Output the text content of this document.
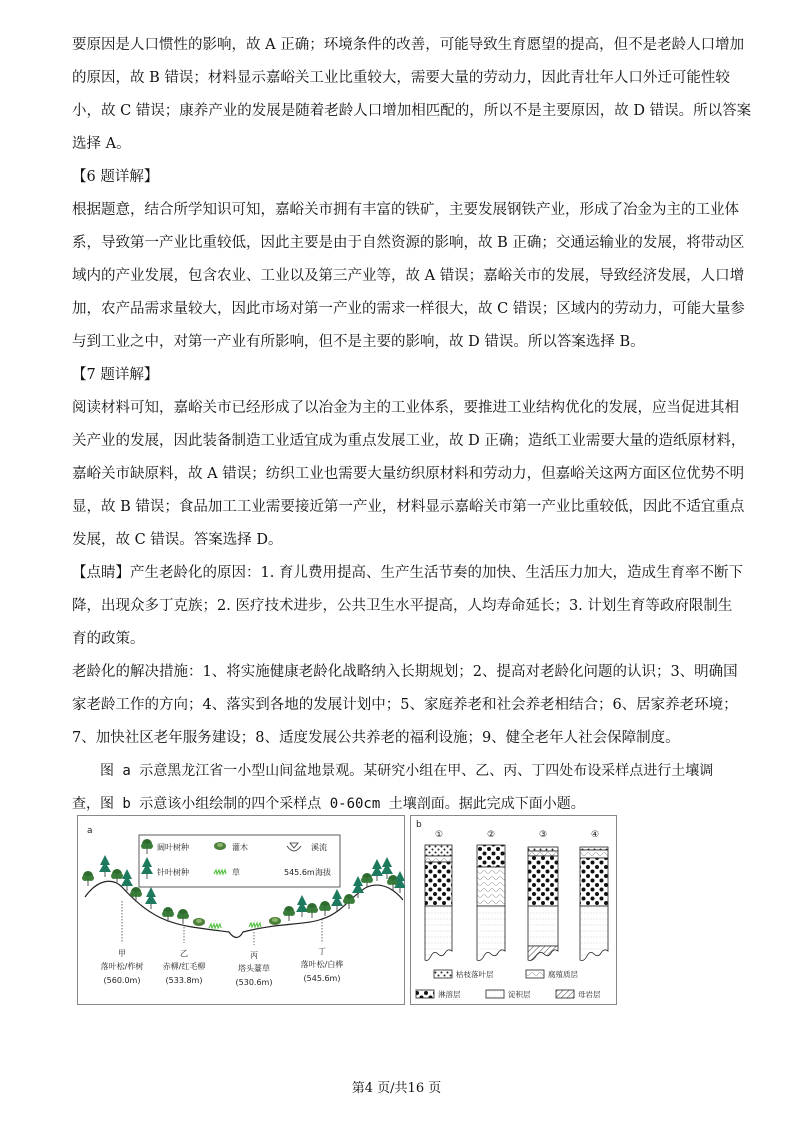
要原因是人口惯性的影响，故 A 正确；环境条件的改善，可能导致生育愿望的提高，但不是老龄人口增加
的原因，故 B 错误；材料显示嘉峪关工业比重较大，需要大量的劳动力，因此青壮年人口外迁可能性较
小，故 C 错误；康养产业的发展是随着老龄人口增加相匹配的，所以不是主要原因，故 D 错误。所以答案
选择 A。
【6 题详解】
根据题意，结合所学知识可知，嘉峪关市拥有丰富的铁矿，主要发展钢铁产业，形成了冶金为主的工业体
系，导致第一产业比重较低，因此主要是由于自然资源的影响，故 B 正确；交通运输业的发展，将带动区
域内的产业发展，包含农业、工业以及第三产业等，故 A 错误；嘉峪关市的发展，导致经济发展，人口增
加，农产品需求量较大，因此市场对第一产业的需求一样很大，故 C 错误；区域内的劳动力，可能大量参
与到工业之中，对第一产业有所影响，但不是主要的影响，故 D 错误。所以答案选择 B。
【7 题详解】
阅读材料可知，嘉峪关市已经形成了以冶金为主的工业体系，要推进工业结构优化的发展，应当促进其相
关产业的发展，因此装备制造工业适宜成为重点发展工业，故 D 正确；造纸工业需要大量的造纸原材料，
嘉峪关市缺原料，故 A 错误；纺织工业也需要大量纺织原材料和劳动力，但嘉峪关这两方面区位优势不明
显，故 B 错误；食品加工工业需要接近第一产业，材料显示嘉峪关市第一产业比重较低，因此不适宜重点
发展，故 C 错误。答案选择 D。
【点睛】产生老龄化的原因：1. 育儿费用提高、生产生活节奏的加快、生活压力加大，造成生育率不断下
降，出现众多丁克族；2. 医疗技术进步，公共卫生水平提高，人均寿命延长；3. 计划生育等政府限制生
育的政策。
老龄化的解决措施：1、将实施健康老龄化战略纳入长期规划；2、提高对老龄化问题的认识；3、明确国
家老龄工作的方向；4、落实到各地的发展计划中；5、家庭养老和社会养老相结合；6、居家养老环境；
7、加快社区老年服务建设；8、适度发展公共养老的福利设施；9、健全老年人社会保障制度。
　　图 a 示意黑龙江省一小型山间盆地景观。某研究小组在甲、乙、丙、丁四处布设采样点进行土壤调
查，图 b 示意该小组绘制的四个采样点 0-60cm 土壤剖面。据此完成下面小题。
a
阔叶树种	灌木	溪流
针叶树种	草	545.6m 海拔
甲
落叶松/柞树
(560.0m)
乙
赤柳/红毛柳
(533.8m)
丙
塔头薹草
(530.6m)
丁
落叶松/白桦
(545.6m)
b
①	②	③	④
枯枝落叶层	腐殖质层
淋溶层	淀积层	母岩层
第4 页/共16 页
